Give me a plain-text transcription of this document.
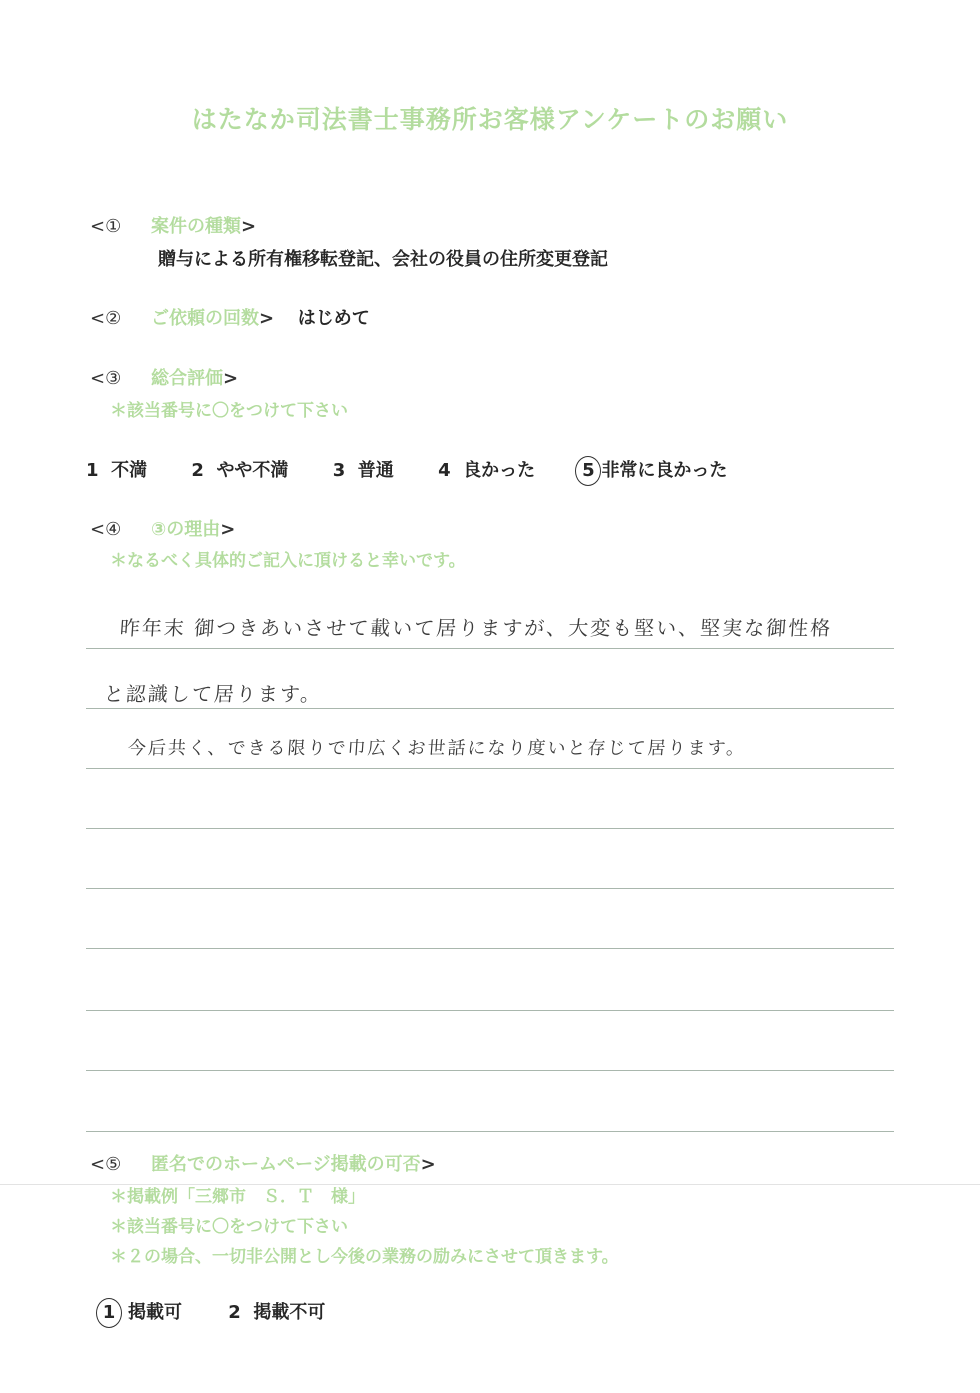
はたなか司法書士事務所お客様アンケートのお願い
<① 案件の種類>
贈与による所有権移転登記、会社の役員の住所変更登記
<② ご依頼の回数> はじめて
<③ 総合評価>
＊該当番号に〇をつけて下さい
1 不満 2 やや不満 3 普通 4 良かった	5 非常に良かった
<④ ③の理由>
＊なるべく具体的ご記入に頂けると幸いです。
昨年末 御つきあいさせて載いて居りますが、大変も堅い、堅実な御性格
と認識して居ります。
今后共く、できる限りで巾広くお世話になり度いと存じて居ります。
<⑤ 匿名でのホームページ掲載の可否>
＊掲載例「三郷市　Ｓ．Ｔ　様」
＊該当番号に〇をつけて下さい
＊２の場合、一切非公開とし今後の業務の励みにさせて頂きます。
1 掲載可	2 掲載不可
